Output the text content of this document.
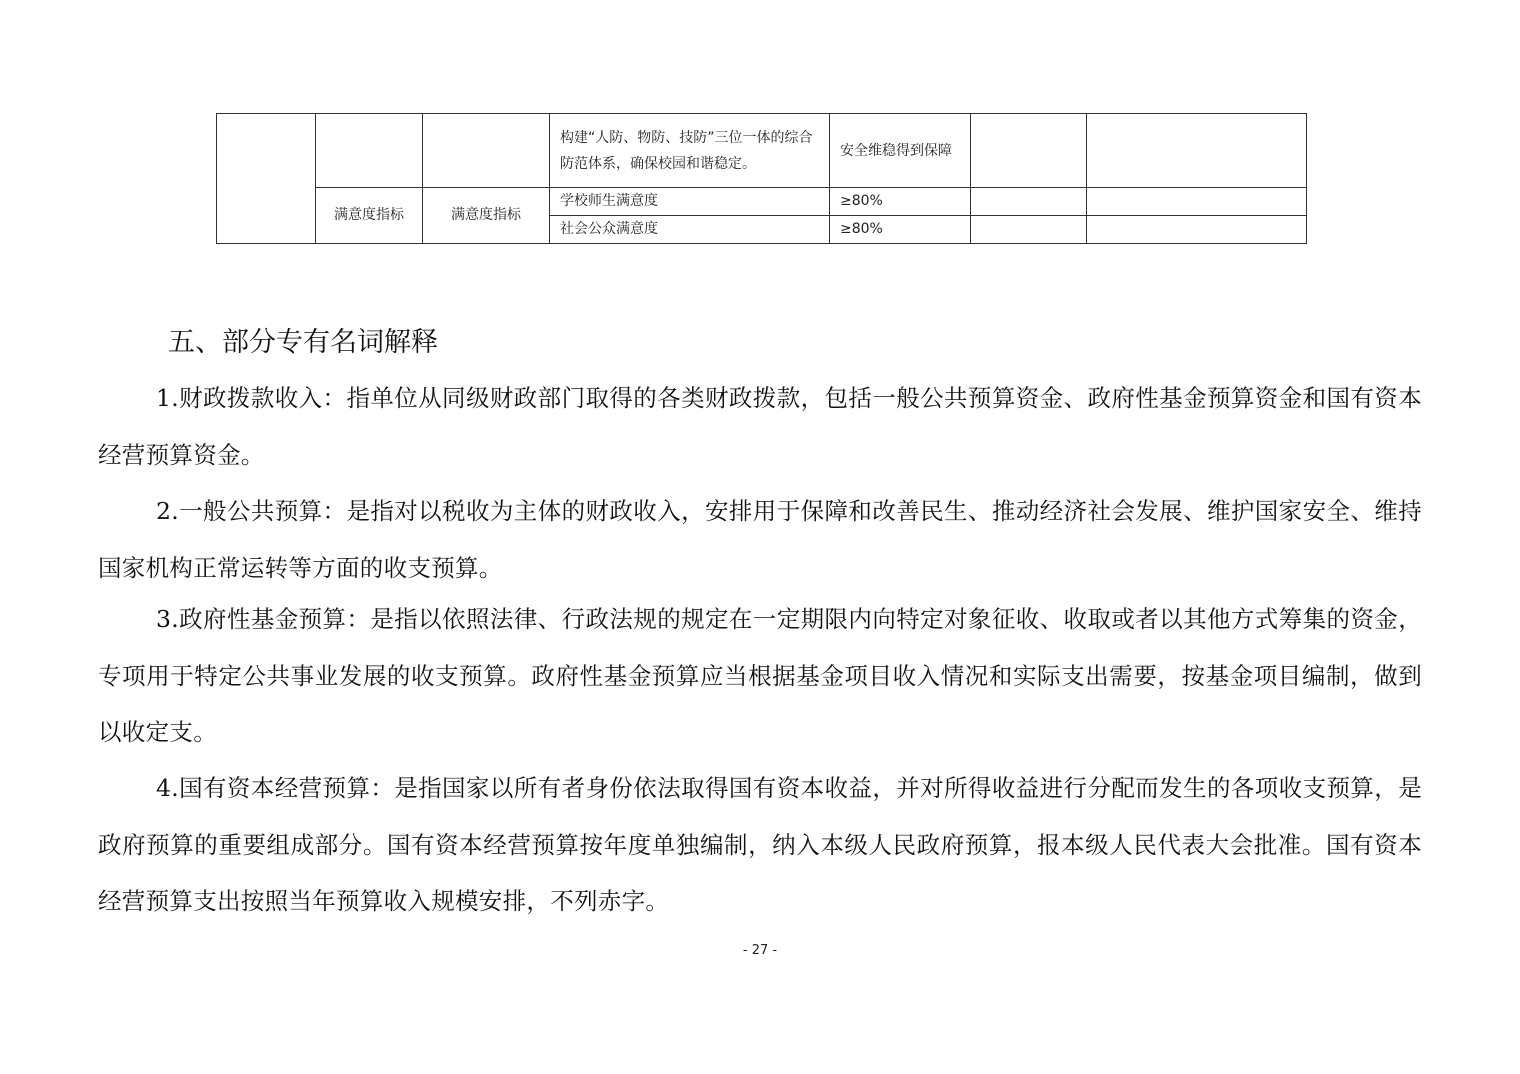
			构建“人防、物防、技防”三位一体的综合防范体系，确保校园和谐稳定。	安全维稳得到保障		
	满意度指标	满意度指标	学校师生满意度	≥80%		
			社会公众满意度	≥80%		
五、部分专有名词解释

1.财政拨款收入：指单位从同级财政部门取得的各类财政拨款，包括一般公共预算资金、政府性基金预算资金和国有资本经营预算资金。

2.一般公共预算：是指对以税收为主体的财政收入，安排用于保障和改善民生、推动经济社会发展、维护国家安全、维持国家机构正常运转等方面的收支预算。

3.政府性基金预算：是指以依照法律、行政法规的规定在一定期限内向特定对象征收、收取或者以其他方式筹集的资金，专项用于特定公共事业发展的收支预算。政府性基金预算应当根据基金项目收入情况和实际支出需要，按基金项目编制，做到以收定支。

4.国有资本经营预算：是指国家以所有者身份依法取得国有资本收益，并对所得收益进行分配而发生的各项收支预算，是政府预算的重要组成部分。国有资本经营预算按年度单独编制，纳入本级人民政府预算，报本级人民代表大会批准。国有资本经营预算支出按照当年预算收入规模安排，不列赤字。

- 27 -
